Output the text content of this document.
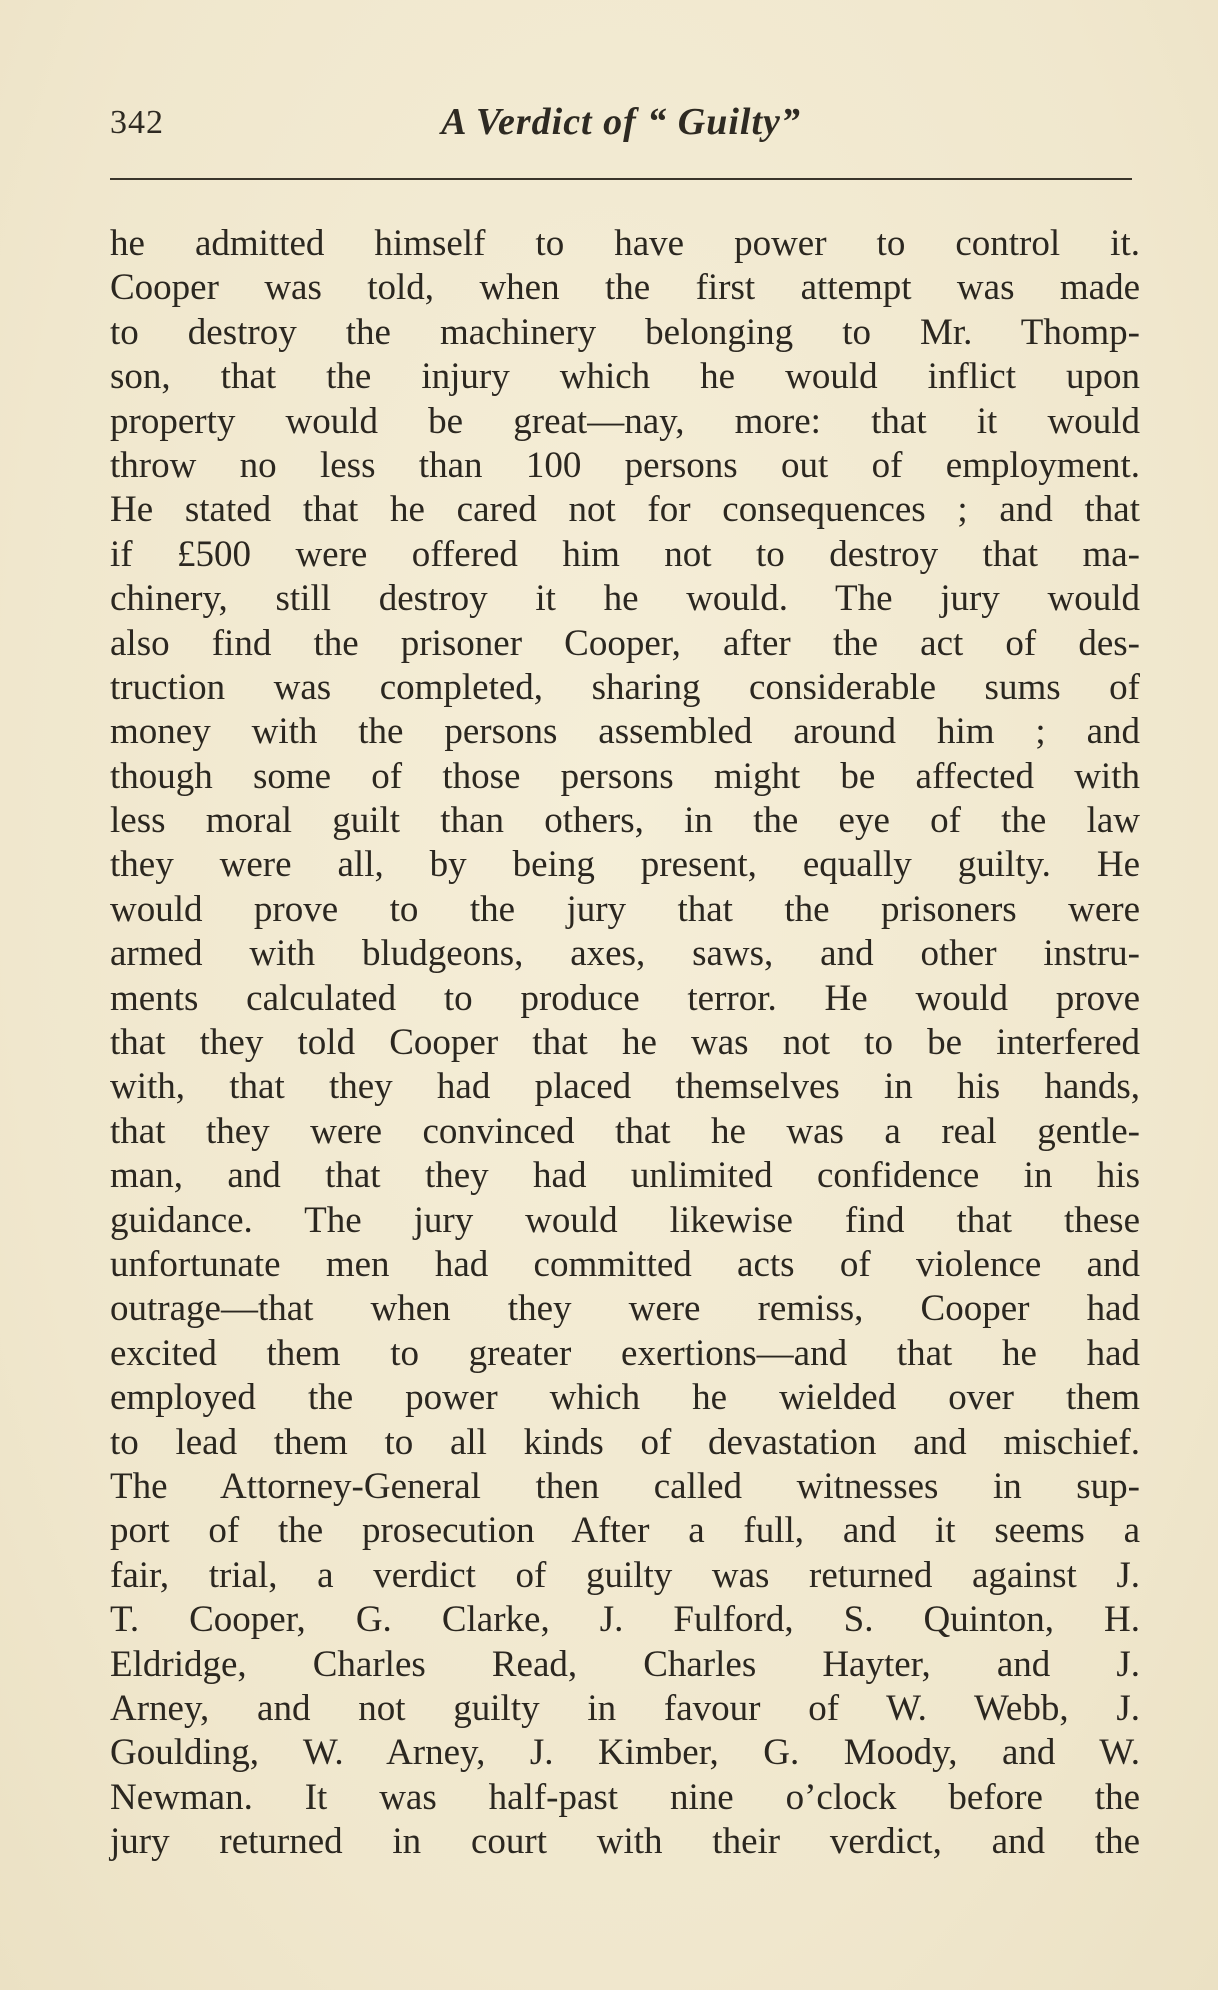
342	A Verdict of “ Guilty”
he admitted himself to have power to control it.
Cooper was told, when the first attempt was made
to destroy the machinery belonging to Mr. Thomp-
son, that the injury which he would inflict upon
property would be great—nay, more: that it would
throw no less than 100 persons out of employment.
He stated that he cared not for consequences ; and that
if £500 were offered him not to destroy that ma-
chinery, still destroy it he would. The jury would
also find the prisoner Cooper, after the act of des-
truction was completed, sharing considerable sums of
money with the persons assembled around him ; and
though some of those persons might be affected with
less moral guilt than others, in the eye of the law
they were all, by being present, equally guilty. He
would prove to the jury that the prisoners were
armed with bludgeons, axes, saws, and other instru-
ments calculated to produce terror. He would prove
that they told Cooper that he was not to be interfered
with, that they had placed themselves in his hands,
that they were convinced that he was a real gentle-
man, and that they had unlimited confidence in his
guidance. The jury would likewise find that these
unfortunate men had committed acts of violence and
outrage—that when they were remiss, Cooper had
excited them to greater exertions—and that he had
employed the power which he wielded over them
to lead them to all kinds of devastation and mischief.
The Attorney-General then called witnesses in sup-
port of the prosecution After a full, and it seems a
fair, trial, a verdict of guilty was returned against J.
T. Cooper, G. Clarke, J. Fulford, S. Quinton, H.
Eldridge, Charles Read, Charles Hayter, and J.
Arney, and not guilty in favour of W. Webb, J.
Goulding, W. Arney, J. Kimber, G. Moody, and W.
Newman. It was half-past nine o’clock before the
jury returned in court with their verdict, and the
